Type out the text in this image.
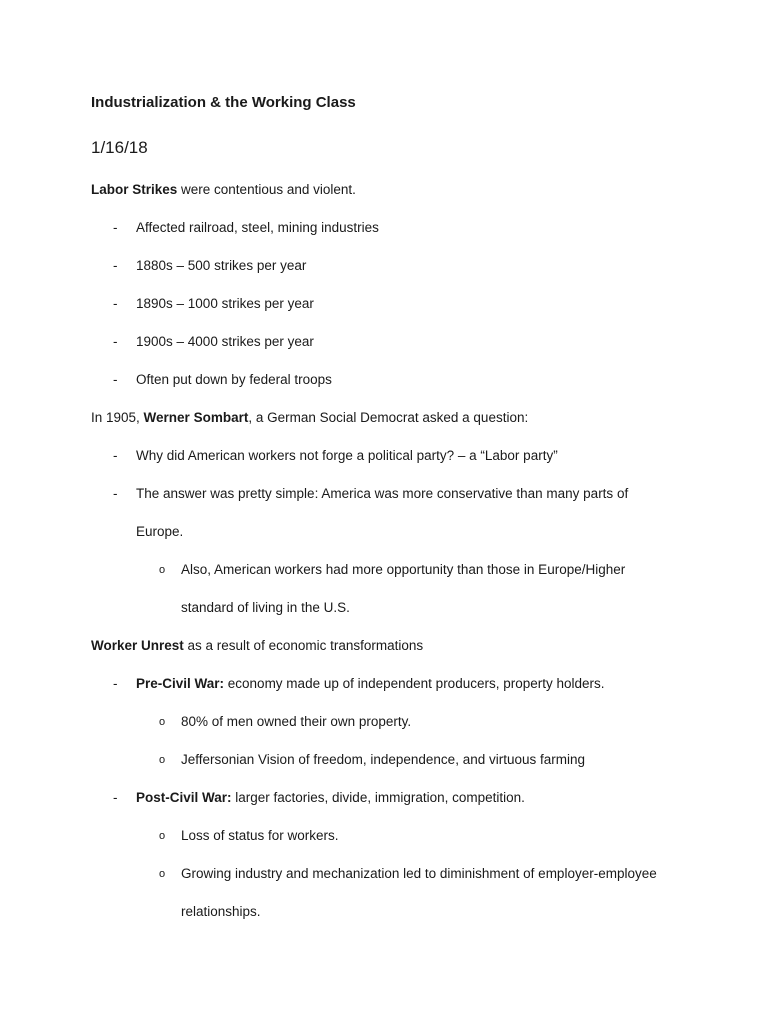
Industrialization & the Working Class
1/16/18
Labor Strikes were contentious and violent.
- Affected railroad, steel, mining industries
- 1880s – 500 strikes per year
- 1890s – 1000 strikes per year
- 1900s – 4000 strikes per year
- Often put down by federal troops
In 1905, Werner Sombart, a German Social Democrat asked a question:
- Why did American workers not forge a political party? – a “Labor party”
- The answer was pretty simple: America was more conservative than many parts of
Europe.
o Also, American workers had more opportunity than those in Europe/Higher
standard of living in the U.S.
Worker Unrest as a result of economic transformations
- Pre-Civil War: economy made up of independent producers, property holders.
o 80% of men owned their own property.
o Jeffersonian Vision of freedom, independence, and virtuous farming
- Post-Civil War: larger factories, divide, immigration, competition.
o Loss of status for workers.
o Growing industry and mechanization led to diminishment of employer-employee
relationships.
